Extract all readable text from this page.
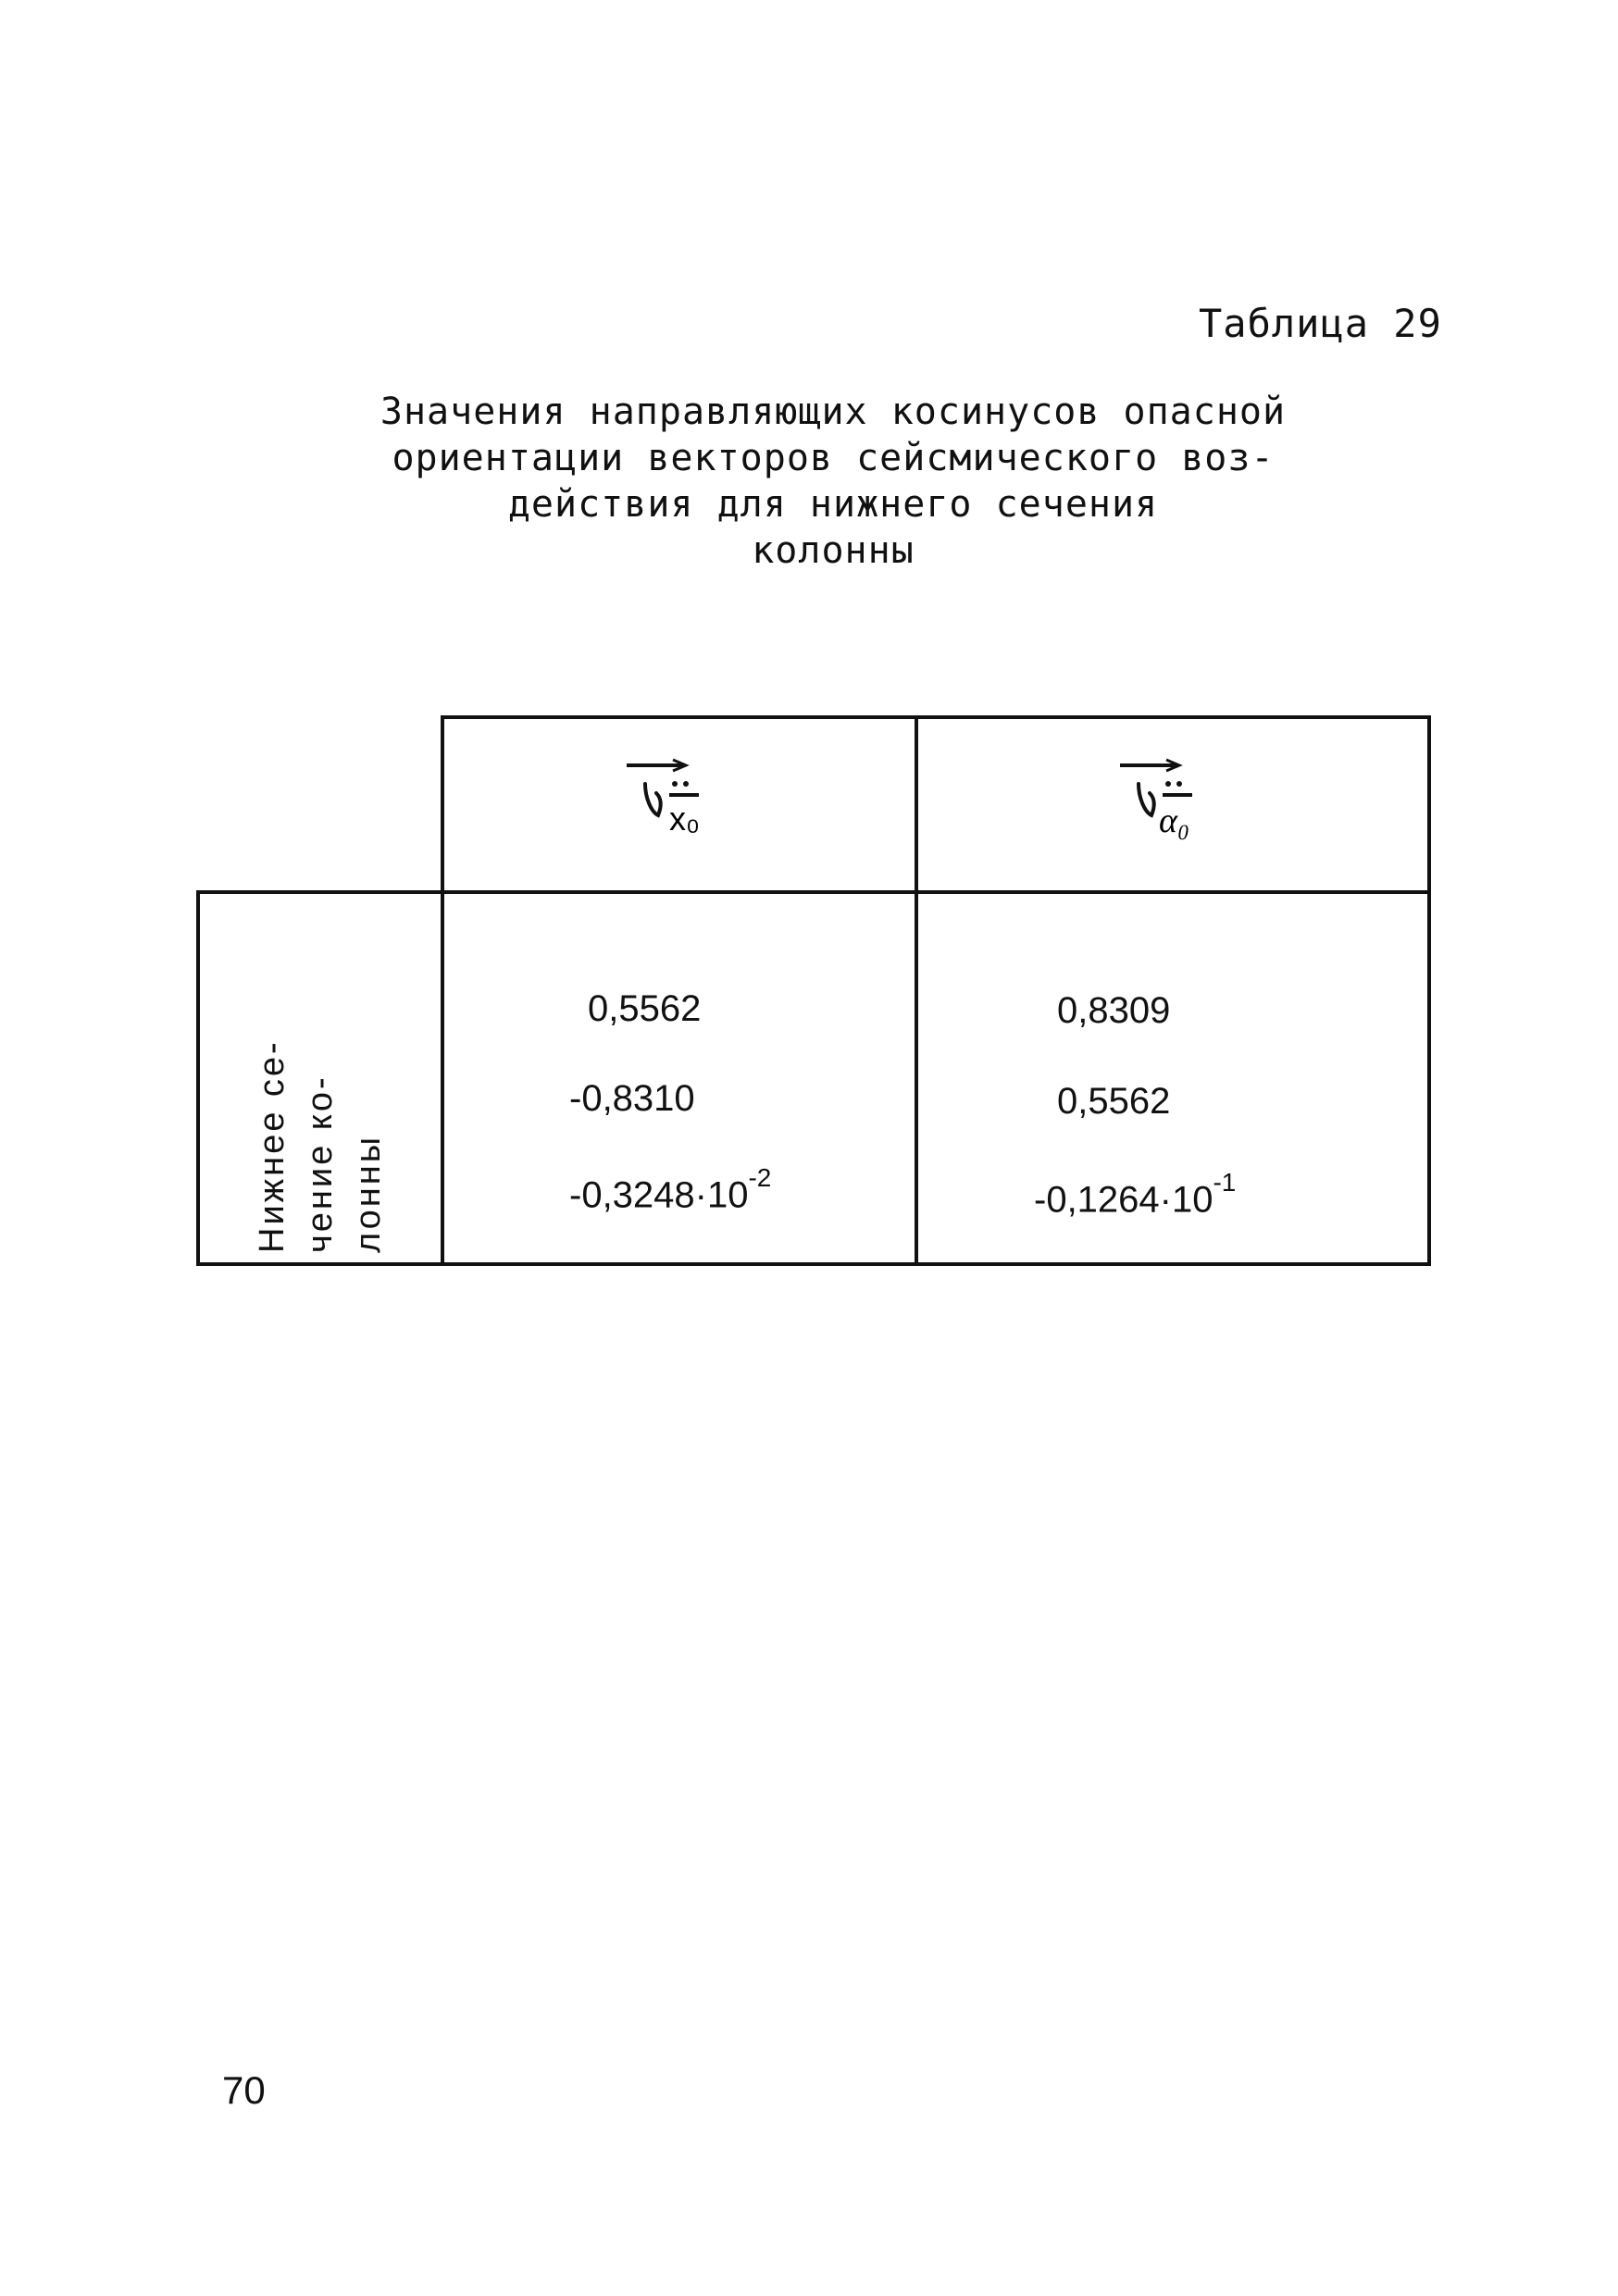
Таблица 29
Значения направляющих косинусов опасной
ориентации векторов сейсмического воз-
действия для нижнего сечения
колонны
x₀	α₀
Нижнее се- чение ко- лонны
0,5562
-0,8310
$-0,3248\cdot 10^{-2}$
0,8309
0,5562
$-0,1264\cdot 10^{-1}$
70
